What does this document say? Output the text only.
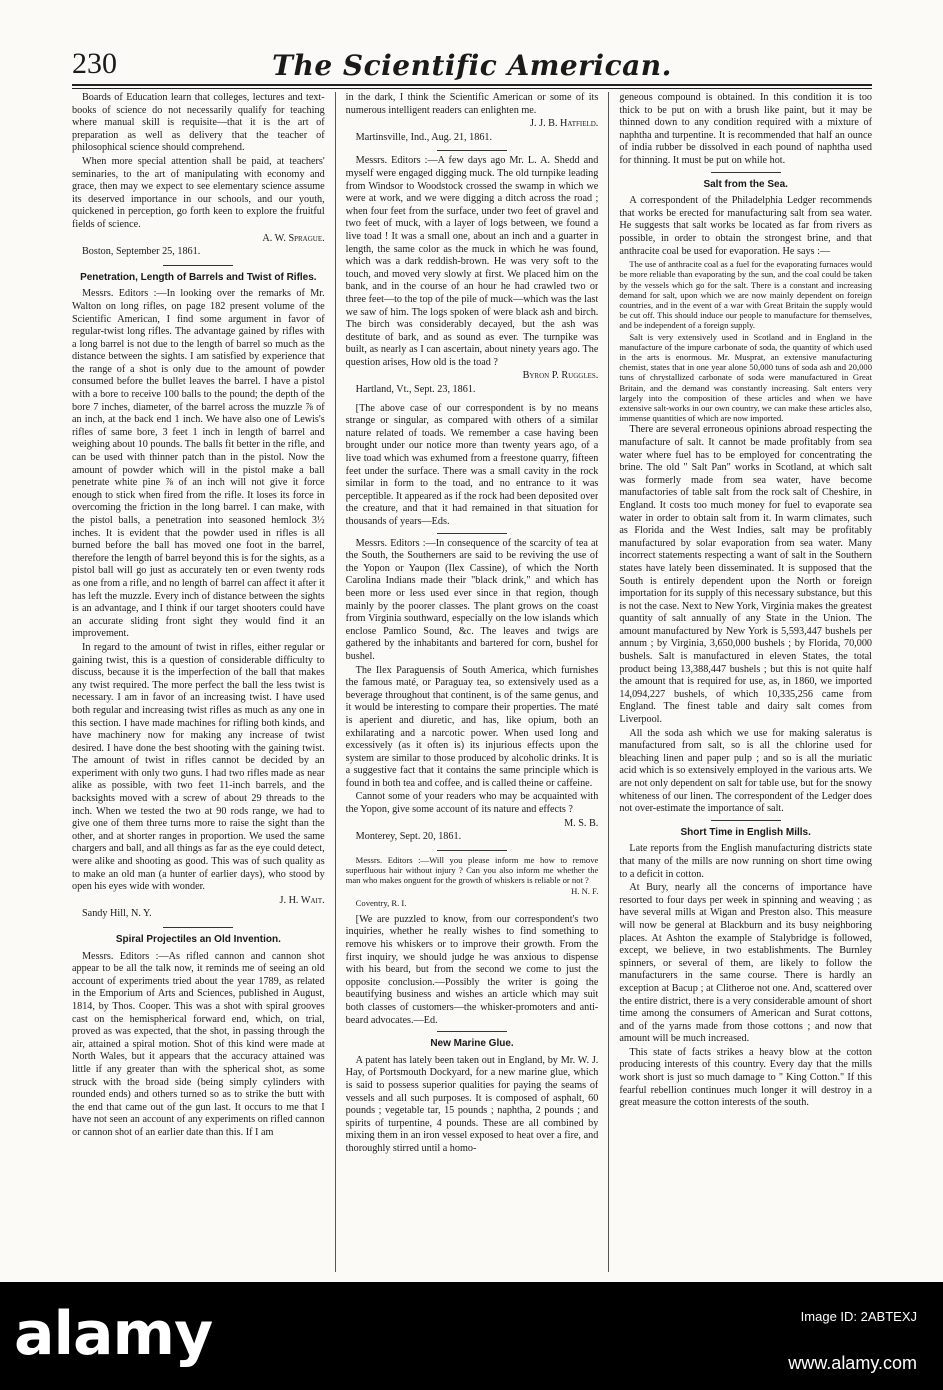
230	The Scientific American.

Boards of Education learn that colleges, lectures and text-books of science do not necessarily qualify for teaching where manual skill is requisite—that it is the art of preparation as well as delivery that the teacher of philosophical science should comprehend.

When more special attention shall be paid, at teachers' seminaries, to the art of manipulating with economy and grace, then may we expect to see elementary science assume its deserved importance in our schools, and our youth, quickened in perception, go forth keen to explore the fruitful fields of science.

A. W. Sprague.
Boston, September 25, 1861.
Penetration, Length of Barrels and Twist of Rifles.

Messrs. Editors :—In looking over the remarks of Mr. Walton on long rifles, on page 182 present volume of the Scientific American, I find some argument in favor of regular-twist long rifles. The advantage gained by rifles with a long barrel is not due to the length of barrel so much as the distance between the sights. I am satisfied by experience that the range of a shot is only due to the amount of powder consumed before the bullet leaves the barrel. I have a pistol with a bore to receive 100 balls to the pound; the depth of the bore 7 inches, diameter, of the barrel across the muzzle ⅞ of an inch, at the back end 1 inch. We have also one of Lewis's rifles of same bore, 3 feet 1 inch in length of barrel and weighing about 10 pounds. The balls fit better in the rifle, and can be used with thinner patch than in the pistol. Now the amount of powder which will in the pistol make a ball penetrate white pine ⅞ of an inch will not give it force enough to stick when fired from the rifle. It loses its force in overcoming the friction in the long barrel. I can make, with the pistol balls, a penetration into seasoned hemlock 3½ inches. It is evident that the powder used in rifles is all burned before the ball has moved one foot in the barrel, therefore the length of barrel beyond this is for the sights, as a pistol ball will go just as accurately ten or even twenty rods as one from a rifle, and no length of barrel can affect it after it has left the muzzle. Every inch of distance between the sights is an advantage, and I think if our target shooters could have an accurate sliding front sight they would find it an improvement.

In regard to the amount of twist in rifles, either regular or gaining twist, this is a question of considerable difficulty to discuss, because it is the imperfection of the ball that makes any twist required. The more perfect the ball the less twist is necessary. I am in favor of an increasing twist. I have used both regular and increasing twist rifles as much as any one in this section. I have made machines for rifling both kinds, and have machinery now for making any increase of twist desired. I have done the best shooting with the gaining twist. The amount of twist in rifles cannot be decided by an experiment with only two guns. I had two rifles made as near alike as possible, with two feet 11-inch barrels, and the backsights moved with a screw of about 29 threads to the inch. When we tested the two at 90 rods range, we had to give one of them three turns more to raise the sight than the other, and at shorter ranges in proportion. We used the same chargers and ball, and all things as far as the eye could detect, were alike and shooting as good. This was of such quality as to make an old man (a hunter of earlier days), who stood by open his eyes wide with wonder.

J. H. Wait.
Sandy Hill, N. Y.
Spiral Projectiles an Old Invention.

Messrs. Editors :—As rifled cannon and cannon shot appear to be all the talk now, it reminds me of seeing an old account of experiments tried about the year 1789, as related in the Emporium of Arts and Sciences, published in August, 1814, by Thos. Cooper. This was a shot with spiral grooves cast on the hemispherical forward end, which, on trial, proved as was expected, that the shot, in passing through the air, attained a spiral motion. Shot of this kind were made at North Wales, but it appears that the accuracy attained was little if any greater than with the spherical shot, as some struck with the broad side (being simply cylinders with rounded ends) and others turned so as to strike the butt with the end that came out of the gun last. It occurs to me that I have not seen an account of any experiments on rifled cannon or cannon shot of an earlier date than this. If I am

in the dark, I think the Scientific American or some of its numerous intelligent readers can enlighten me.

J. J. B. Hatfield.
Martinsville, Ind., Aug. 21, 1861.

Messrs. Editors :—A few days ago Mr. L. A. Shedd and myself were engaged digging muck. The old turnpike leading from Windsor to Woodstock crossed the swamp in which we were at work, and we were digging a ditch across the road ; when four feet from the surface, under two feet of gravel and two feet of muck, with a layer of logs between, we found a live toad ! It was a small one, about an inch and a guarter in length, the same color as the muck in which he was found, which was a dark reddish-brown. He was very soft to the touch, and moved very slowly at first. We placed him on the bank, and in the course of an hour he had crawled two or three feet—to the top of the pile of muck—which was the last we saw of him. The logs spoken of were black ash and birch. The birch was considerably decayed, but the ash was destitute of bark, and as sound as ever. The turnpike was built, as nearly as I can ascertain, about ninety years ago. The question arises, How old is the toad ?

Byron P. Ruggles.
Hartland, Vt., Sept. 23, 1861.

[The above case of our correspondent is by no means strange or singular, as compared with others of a similar nature related of toads. We remember a case having been brought under our notice more than twenty years ago, of a live toad which was exhumed from a freestone quarry, fifteen feet under the surface. There was a small cavity in the rock similar in form to the toad, and no entrance to it was perceptible. It appeared as if the rock had been deposited over the creature, and that it had remained in that situation for thousands of years—Eds.

Messrs. Editors :—In consequence of the scarcity of tea at the South, the Southerners are said to be reviving the use of the Yopon or Yaupon (Ilex Cassine), of which the North Carolina Indians made their "black drink," and which has been more or less used ever since in that region, though mainly by the poorer classes. The plant grows on the coast from Virginia southward, especially on the low islands which enclose Pamlico Sound, &c. The leaves and twigs are gathered by the inhabitants and bartered for corn, bushel for bushel.

The Ilex Paraguensis of South America, which furnishes the famous maté, or Paraguay tea, so extensively used as a beverage throughout that continent, is of the same genus, and it would be interesting to compare their properties. The maté is aperient and diuretic, and has, like opium, both an exhilarating and a narcotic power. When used long and excessively (as it often is) its injurious effects upon the system are similar to those produced by alcoholic drinks. It is a suggestive fact that it contains the same principle which is found in both tea and coffee, and is called theine or caffeine.

Cannot some of your readers who may be acquainted with the Yopon, give some account of its nature and effects ?

M. S. B.
Monterey, Sept. 20, 1861.

Messrs. Editors :—Will you please inform me how to remove superfluous hair without injury ? Can you also inform me whether the man who makes onguent for the growth of whiskers is reliable or not ?

H. N. F.
Coventry, R. I.

[We are puzzled to know, from our correspondent's two inquiries, whether he really wishes to find something to remove his whiskers or to improve their growth. From the first inquiry, we should judge he was anxious to dispense with his beard, but from the second we come to just the opposite conclusion.—Possibly the writer is going the beautifying business and wishes an article which may suit both classes of customers—the whisker-promoters and anti-beard advocates.—Ed.

New Marine Glue.

A patent has lately been taken out in England, by Mr. W. J. Hay, of Portsmouth Dockyard, for a new marine glue, which is said to possess superior qualities for paying the seams of vessels and all such purposes. It is composed of asphalt, 60 pounds ; vegetable tar, 15 pounds ; naphtha, 2 pounds ; and spirits of turpentine, 4 pounds. These are all combined by mixing them in an iron vessel exposed to heat over a fire, and thoroughly stirred until a homo-

geneous compound is obtained. In this condition it is too thick to be put on with a brush like paint, but it may be thinned down to any condition required with a mixture of naphtha and turpentine. It is recommended that half an ounce of india rubber be dissolved in each pound of naphtha used for thinning. It must be put on while hot.

Salt from the Sea.

A correspondent of the Philadelphia Ledger recommends that works be erected for manufacturing salt from sea water. He suggests that salt works be located as far from rivers as possible, in order to obtain the strongest brine, and that anthracite coal be used for evaporation. He says :—

The use of anthracite coal as a fuel for the evaporating furnaces would be more reliable than evaporating by the sun, and the coal could be taken by the vessels which go for the salt. There is a constant and increasing demand for salt, upon which we are now mainly dependent on foreign countries, and in the event of a war with Great Britain the supply would be cut off. This should induce our people to manufacture for themselves, and be independent of a foreign supply.

Salt is very extensively used in Scotland and in England in the manufacture of the impure carbonate of soda, the quantity of which used in the arts is enormous. Mr. Musprat, an extensive manufacturing chemist, states that in one year alone 50,000 tuns of soda ash and 20,000 tuns of chrystallized carbonate of soda were manufactured in Great Britain, and the demand was constantly increasing. Salt enters very largely into the composition of these articles and when we have extensive salt-works in our own country, we can make these articles also, immense quantities of which are now imported.

There are several erroneous opinions abroad respecting the manufacture of salt. It cannot be made profitably from sea water where fuel has to be employed for concentrating the brine. The old " Salt Pan" works in Scotland, at which salt was formerly made from sea water, have become manufactories of table salt from the rock salt of Cheshire, in England. It costs too much money for fuel to evaporate sea water in order to obtain salt from it. In warm climates, such as Florida and the West Indies, salt may be profitably manufactured by solar evaporation from sea water. Many incorrect statements respecting a want of salt in the Southern states have lately been disseminated. It is supposed that the South is entirely dependent upon the North or foreign importation for its supply of this necessary substance, but this is not the case. Next to New York, Virginia makes the greatest quantity of salt annually of any State in the Union. The amount manufactured by New York is 5,593,447 bushels per annum ; by Virginia, 3,650,000 bushels ; by Florida, 70,000 bushels. Salt is manufactured in eleven States, the total product being 13,388,447 bushels ; but this is not quite half the amount that is required for use, as, in 1860, we imported 14,094,227 bushels, of which 10,335,256 came from England. The finest table and dairy salt comes from Liverpool.

All the soda ash which we use for making saleratus is manufactured from salt, so is all the chlorine used for bleaching linen and paper pulp ; and so is all the muriatic acid which is so extensively employed in the various arts. We are not only dependent on salt for table use, but for the snowy whiteness of our linen. The correspondent of the Ledger does not over-estimate the importance of salt.

Short Time in English Mills.

Late reports from the English manufacturing districts state that many of the mills are now running on short time owing to a deficit in cotton.

At Bury, nearly all the concerns of importance have resorted to four days per week in spinning and weaving ; as have several mills at Wigan and Preston also. This measure will now be general at Blackburn and its busy neighboring places. At Ashton the example of Stalybridge is followed, except, we believe, in two establishments. The Burnley spinners, or several of them, are likely to follow the manufacturers in the same course. There is hardly an exception at Bacup ; at Clitheroe not one. And, scattered over the entire district, there is a very considerable amount of short time among the consumers of American and Surat cottons, and of the yarns made from those cottons ; and now that amount will be much increased.

This state of facts strikes a heavy blow at the cotton producing interests of this country. Every day that the mills work short is just so much damage to " King Cotton." If this fearful rebellion continues much longer it will destroy in a great measure the cotton interests of the south.

alamy	Image ID: 2ABTEXJ
www.alamy.com
